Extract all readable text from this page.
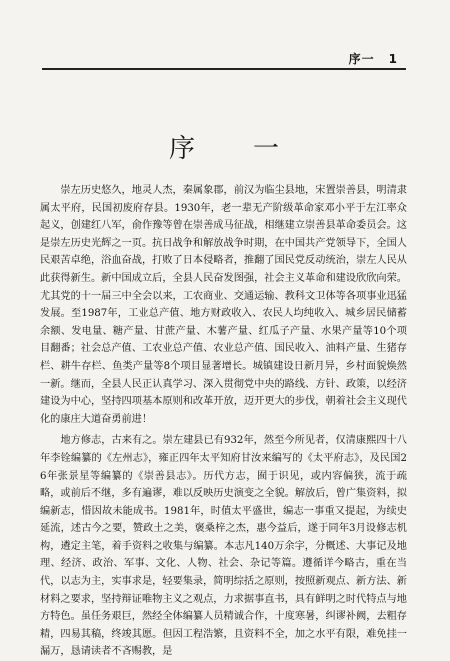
序一 1
序 一

崇左历史悠久，地灵人杰，秦属象郡，前汉为临尘县地，宋置崇善县，明清隶属太平府，民国初废府存县。1930年，老一辈无产阶级革命家邓小平于左江率众起义，创建红八军，俞作豫等曾在崇善成马征战，相继建立崇善县革命委员会。这是崇左历史光辉之一页。抗日战争和解放战争时期，在中国共产党领导下，全国人民艰苦卓绝，浴血奋战，打败了日本侵略者，推翻了国民党反动统治，崇左人民从此获得新生。新中国成立后，全县人民奋发图强，社会主义革命和建设欣欣向荣。尤其党的十一届三中全会以来，工农商业、交通运输、教科文卫体等各项事业迅猛发展。至1987年，工业总产值、地方财政收入、农民人均纯收入、城乡居民储蓄余额、发电量、糖产量、甘蔗产量、木薯产量、红瓜子产量、水果产量等10个项目翻番；社会总产值、工农业总产值、农业总产值、国民收入、油料产量、生猪存栏、耕牛存栏、鱼类产量等8个项目显著增长。城镇建设日新月异，乡村面貌焕然一新。继而，全县人民正认真学习、深入贯彻党中央的路线、方针、政策，以经济建设为中心，坚持四项基本原则和改革开放，迈开更大的步伐，朝着社会主义现代化的康庄大道奋勇前进！

地方修志，古来有之。崇左建县已有932年，然至今所见者，仅清康熙四十八年李铨编纂的《左州志》，雍正四年太平知府甘汝来编写的《太平府志》，及民国26年张景星等编纂的《崇善县志》。历代方志，囿于识见，或内容偏狭，流于疏略，或前后不继，多有遍谬，难以反映历史演变之全貌。解放后，曾广集资料，拟编新志，惜因故未能成书。1981年，时值太平盛世，编志一事重又提起，为续史延流，述古今之要，赞政土之美，褒桑梓之杰，惠今益后，遂于同年3月设修志机构，遴定主笔，着手资料之收集与编纂。本志凡140万余字，分概述、大事记及地理、经济、政治、军事、文化、人物、社会、杂记等篇。遵循详今略古，重在当代，以志为主，实事求是，轻要集录，简明综括之原则，按照新观点、新方法、新材料之要求，坚持辩证唯物主义之观点，力求据事直书，具有鲜明之时代特点与地方特色。虽任务艰巨，然经全体编纂人员精诚合作，十度寒暑，纠谬补阙，去粗存精，四易其稿，终竣其愿。但因工程浩繁，且资料不全，加之水平有限，难免挂一漏万，恳请读者不吝赐教，是
